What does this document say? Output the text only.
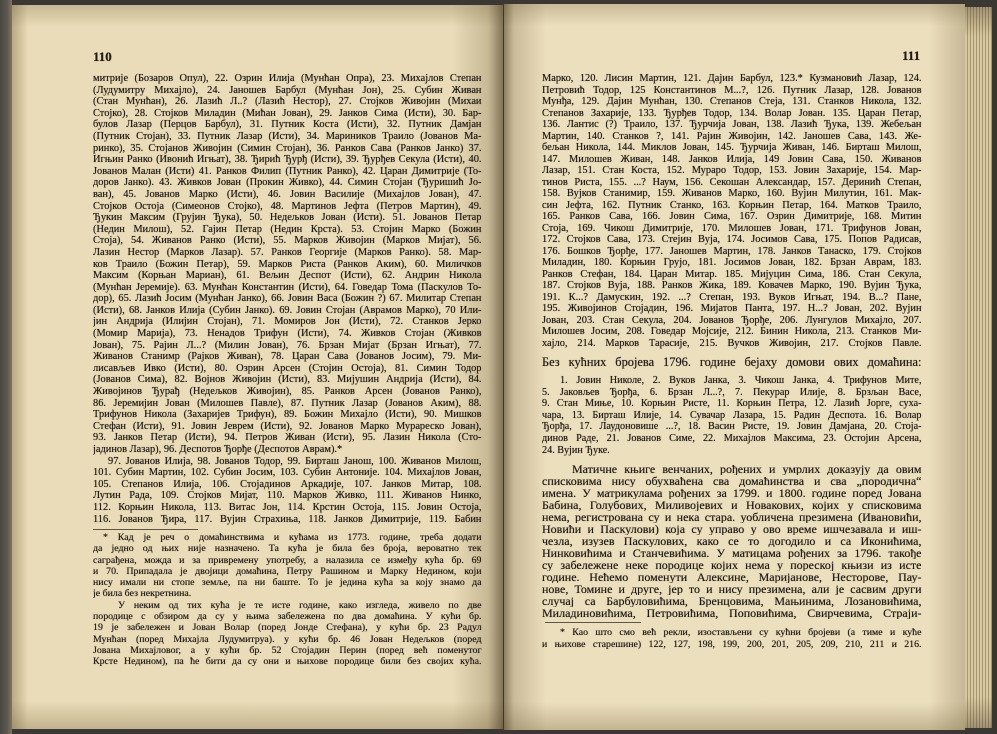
110
митрије (Бозаров Опул), 22. Озрин Илија (Мунћан Опра), 23. Михајлов Степан
(Лудумитру Михајло), 24. Јаношев Барбул (Мунћан Јон), 25. Субин Живан
(Стан Мунћан), 26. Лазић Л..? (Лазић Нестор), 27. Стојков Живојин (Михаи
Стојко), 28. Стојков Миладин (Мићан Јован), 29. Јанков Сима (Исти), 30. Бар-
булов Лазар (Перцов Барбул), 31. Путник Коста (Исти), 32. Путник Дамјан
(Путник Стојан), 33. Путник Лазар (Исти), 34. Мариников Траило (Јованов Ма-
ринко), 35. Стојанов Живојин (Симин Стојан), 36. Ранков Сава (Ранков Јанко) 37.
Игњин Ранко (Ивонић Игњат), 38. Ђирић Ђурђ (Исти), 39. Ђурђев Секула (Исти), 40.
Јованов Малан (Исти) 41. Ранков Филип (Путник Ранко), 42. Царан Димитрије (То-
доров Јанко). 43. Живков Јован (Прокин Живко), 44. Симин Стојан (Ђуришић Јо-
ван), 45. Јованов Марко (Исти), 46. Јовин Василије (Михајлов Јован), 47.
Стојков Остоја (Симеонов Стојко), 48. Мартинов Јефта (Петров Мартин), 49.
Ђукин Максим (Грујин Ђука), 50. Недељков Јован (Исти). 51. Јованов Петар
(Недин Милош), 52. Гајин Петар (Недин Крста). 53. Стојин Марко (Божин
Стоја), 54. Живанов Ранко (Исти), 55. Марков Живојин (Марков Мијат), 56.
Лазин Нестор (Марков Лазар). 57. Ранков Георгије (Марков Ранко). 58. Мар-
ков Траило (Божин Петар), 59. Марков Риста (Ранков Аким), 60. Миличков
Максим (Корњан Мариан), 61. Вељин Деспот (Исти), 62. Андрин Никола
(Мунћан Јеремије). 63. Мунћан Константин (Исти), 64. Говедар Тома (Паскулов То-
дор), 65. Лазић Јосим (Мунћан Јанко), 66. Јовин Васа (Божин ?) 67. Милитар Степан
(Исти), 68. Јанков Илија (Субин Јанко). 69. Јовин Стојан (Аврамов Марко), 70 Или-
јин Андрија (Илијин Стојан), 71. Момиров Јон (Исти), 72. Станков Јерко
(Момир Марија), 73. Ненадов Трифун (Исти), 74. Живков Стојан (Живков
Јован), 75. Рајин Л...? (Милин Јован), 76. Брзан Мијат (Брзан Игњат), 77.
Живанов Станимр (Рајков Живан), 78. Царан Сава (Јованов Јосим), 79. Ми-
лисављев Ивко (Исти), 80. Озрин Арсен (Стојин Остоја), 81. Симин Тодор
(Јованов Сима), 82. Војнов Живојин (Исти), 83. Мијушин Андрија (Исти), 84.
Живојинов Ђурађ (Недељков Живојин), 85. Ранков Арсен (Јованов Ранко),
86. Јеремијин Јован (Милошев Павле), 87. Путник Лазар (Јованов Аким), 88.
Трифунов Никола (Захаријев Трифун), 89. Божин Михајло (Исти), 90. Мишков
Стефан (Исти), 91. Јовин Јеврем (Исти), 92. Јованов Марко Мурареско Јован),
93. Јанков Петар (Исти), 94. Петров Живан (Исти), 95. Лазин Никола (Сто-
јадинов Лазар), 96. Деспотов Ђорђе (Деспотов Аврам).*
97. Јованов Илија, 98. Јованов Тодор, 99. Бирташ Јанош, 100. Живанов Милош,
101. Субин Мартин, 102. Субин Јосим, 103. Субин Антоније. 104. Михајлов Јован,
105. Степанов Илија, 106. Стојадинов Аркадије, 107. Јанков Митар, 108.
Лутин Рада, 109. Стојков Мијат, 110. Марков Живко, 111. Живанов Нинко,
112. Корњин Никола, 113. Витас Јон, 114. Крстин Остоја, 115. Јовин Остоја,
116. Јованов Ђира, 117. Вујин Страхиња, 118. Јанков Димитрије, 119. Бабин
* Кад је реч о домаћинствима и кућама из 1773. године, треба додати
да једно од њих није назначено. Та кућа је била без броја, вероватно тек
саграђена, можда и за привремену употребу, а налазила се између кућа бр. 69
и 70. Припадала је двојици домаћина, Петру Рашином и Марку Недином, који
нису имали ни стопе земље, па ни баште. То је једина кућа за коју знамо да
је била без некретнина.
У неким од тих кућа је те исте године, како изгледа, живело по две
породице с обзиром да су у њима забележена по два домаћина. У кући бр.
19 је забележен и Јован Волар (поред Јонде Стефана), у кући бр. 23 Радул
Мунћан (поред Михајла Лудумитруа). у кући бр. 46 Јован Недељков (поред
Јована Михајловог, а у кући бр. 52 Стојадин Перин (поред већ поменутог
Крсте Недином), па ће бити да су они и њихове породице били без својих кућа.
111
Марко, 120. Лисин Мартин, 121. Дајин Барбул, 123.* Кузмановић Лазар, 124.
Петровић Тодор, 125 Константинов М...?, 126. Путник Лазар, 128. Јованов
Мунђа, 129. Дајин Мунћан, 130. Степанов Стеја, 131. Станков Никола, 132.
Степанов Захарије, 133. Ђурђев Тодор, 134. Волар Јован. 135. Царан Петар,
136. Лантис (?) Траило, 137. Ђурчија Јован, 138. Лазић Ђука, 139. Жебељан
Мартин, 140. Станков ?, 141. Рајин Живојин, 142. Јаношев Сава, 143. Же-
бељан Никола, 144. Миклов Јован, 145. Ђурчија Живан, 146. Бирташ Милош,
147. Милошев Живан, 148. Јанков Илија, 149 Јовин Сава, 150. Живанов
Лазар, 151. Стан Коста, 152. Мураро Тодор, 153. Јовин Захарије, 154. Мар-
тинов Риста, 155. ...? Наум, 156. Секошан Александар, 157. Деринић Степан,
158. Вујков Станимир, 159. Живанов Марко, 160. Вујин Милутин, 161. Мак-
син Јефта, 162. Путник Станко, 163. Корњин Петар, 164. Матков Траило,
165. Ранков Сава, 166. Јовин Сима, 167. Озрин Димитрије, 168. Митин
Стоја, 169. Чикош Димитрије, 170. Милошев Јован, 171. Трифунов Јован,
172. Стојков Сава, 173. Стејин Вуја, 174. Јосимов Сава, 175. Попов Радисав,
176. Бошков Ђорђе, 177. Јаношев Мартин, 178. Јанков Танаско, 179. Стојков
Миладин, 180. Корњин Грујо, 181. Јосимов Јован, 182. Брзан Аврам, 183.
Ранков Стефан, 184. Царан Митар. 185. Мијуцин Сима, 186. Стан Секула,
187. Стојков Вуја, 188. Ранков Жика, 189. Ковачев Марко, 190. Вујин Ђука,
191. К...? Дамускин, 192. ...? Степан, 193. Вуков Игњат, 194. В...? Пане,
195. Живојинов Стојадин, 196. Мијатов Панта, 197. Н...? Јован, 202. Вујин
Јован, 203. Стан Секула, 204. Јованов Ђорђе, 206. Лунгулов Михајло, 207.
Милошев Јосим, 208. Говедар Мојсије, 212. Бинин Никола, 213. Станков Ми-
хајло, 214. Марков Тарасије, 215. Вучков Живојин, 217. Стојков Павле.
Без кућних бројева 1796. године бејаху домови ових домаћина:
1. Јовин Николе, 2. Вуков Јанка, 3. Чикош Јанка, 4. Трифунов Мите,
5. Јаковљев Ђорђа, 6. Брзан Л...?, 7. Пекурар Илије, 8. Брзљан Васе,
9. Стан Миње, 10. Корњин Ристе, 11. Корњин Петра, 12. Лазић Јорге, суха-
чара, 13. Бирташ Илије, 14. Сувачар Лазара, 15. Радин Деспота. 16. Волар
Ђорђа, 17. Лаудоновише ...?, 18. Васин Ристе, 19. Јовин Дамјана, 20. Стоја-
динов Раде, 21. Јованов Симе, 22. Михајлов Максима, 23. Остојин Арсена,
24. Вујин Ђуке.
Матичне књиге венчаних, рођених и умрлих доказују да овим
списковима нису обухваћена сва домаћинства и сва „породична“
имена. У матрикулама рођених за 1799. и 1800. године поред Јована
Бабина, Голубових, Миливојевих и Новакових, којих у списковима
нема, регистрована су и нека стара. уобличена презимена (Ивановићи,
Новићи и Паскулови) која су управо у ово време ишчезавала и иш-
чезла, изузев Паскулових, како се то догодило и са Иконићима,
Нинковићима и Станчевићима. У матицама рођених за 1796. такође
су забележене неке породице којих нема у пореској књизи из исте
године. Нећемо поменути Алексине, Маријанове, Несторове, Пау-
нове, Томине и друге, јер то и нису презимена, али је сасвим други
случај са Барбуловићима, Бренцовима, Мањинима, Лозановићима,
Миладиновићима, Петровићима, Поповићима, Свирчевима, Страји-
* Као што смо већ рекли, изостављени су кућни бројеви (а тиме и куће
и њихове старешине) 122, 127, 198, 199, 200, 201, 205, 209, 210, 211 и 216.
